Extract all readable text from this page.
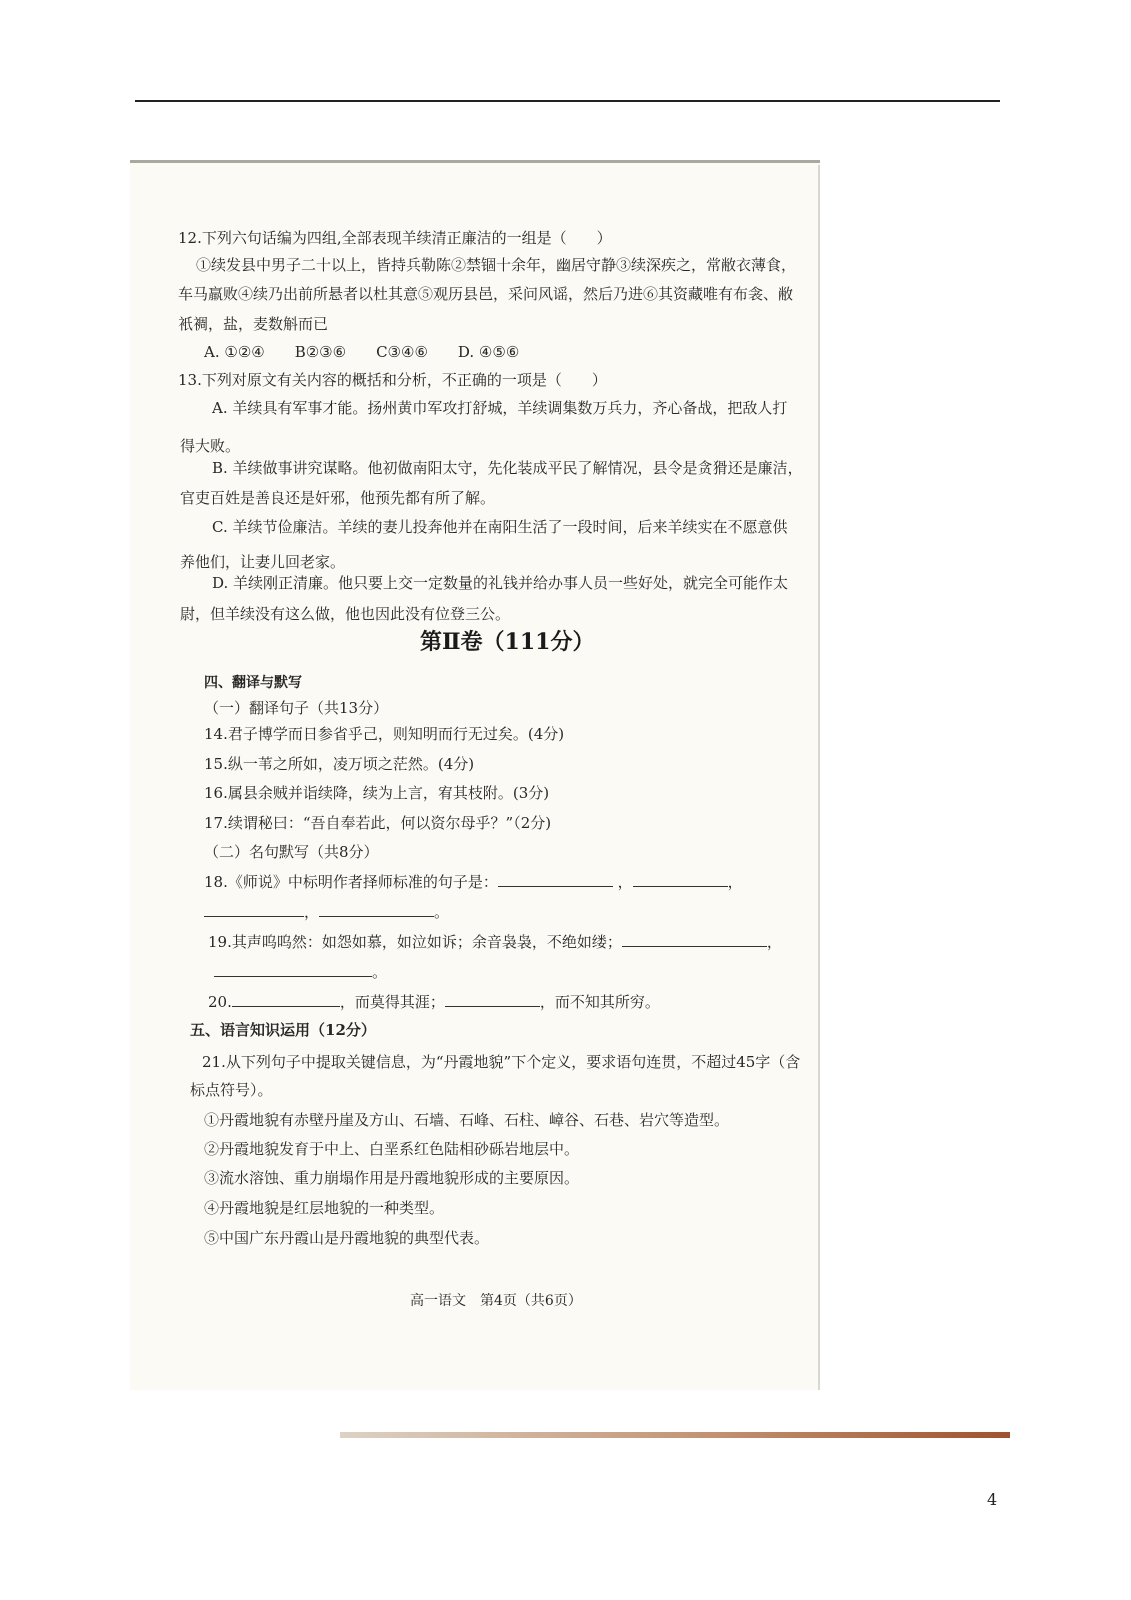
12.下列六句话编为四组,全部表现羊续清正廉洁的一组是（　　）
①续发县中男子二十以上，皆持兵勒陈②禁锢十余年，幽居守静③续深疾之，常敝衣薄食，
车马羸败④续乃出前所悬者以杜其意⑤观历县邑，采问风谣，然后乃进⑥其资藏唯有布衾、敝
衹裯，盐，麦数斛而已
A. ①②④　　B②③⑥　　C③④⑥　　D. ④⑤⑥
13.下列对原文有关内容的概括和分析，不正确的一项是（　　）
A. 羊续具有军事才能。扬州黄巾军攻打舒城，羊续调集数万兵力，齐心备战，把敌人打
得大败。
B. 羊续做事讲究谋略。他初做南阳太守，先化装成平民了解情况，县令是贪猾还是廉洁，
官吏百姓是善良还是奸邪，他预先都有所了解。
C. 羊续节俭廉洁。羊续的妻儿投奔他并在南阳生活了一段时间，后来羊续实在不愿意供
养他们，让妻儿回老家。
D. 羊续刚正清廉。他只要上交一定数量的礼钱并给办事人员一些好处，就完全可能作太
尉，但羊续没有这么做，他也因此没有位登三公。
第Ⅱ卷（111分）
四、翻译与默写
（一）翻译句子（共13分）
14.君子博学而日参省乎己，则知明而行无过矣。(4分)
15.纵一苇之所如，凌万顷之茫然。(4分)
16.属县余贼并诣续降，续为上言，宥其枝附。(3分)
17.续谓秘曰：“吾自奉若此，何以资尔母乎？”（2分)
（二）名句默写（共8分）
18.《师说》中标明作者择师标准的句子是：	，	，
，	。
19.其声呜呜然：如怨如慕，如泣如诉；余音袅袅，不绝如缕；	，
。
20.	，而莫得其涯；	，而不知其所穷。
五、语言知识运用（12分）
21.从下列句子中提取关键信息，为“丹霞地貌”下个定义，要求语句连贯，不超过45字（含
标点符号）。
①丹霞地貌有赤壁丹崖及方山、石墙、石峰、石柱、嶂谷、石巷、岩穴等造型。
②丹霞地貌发育于中上、白垩系红色陆相砂砾岩地层中。
③流水溶蚀、重力崩塌作用是丹霞地貌形成的主要原因。
④丹霞地貌是红层地貌的一种类型。
⑤中国广东丹霞山是丹霞地貌的典型代表。
高一语文　第4页（共6页）
4
